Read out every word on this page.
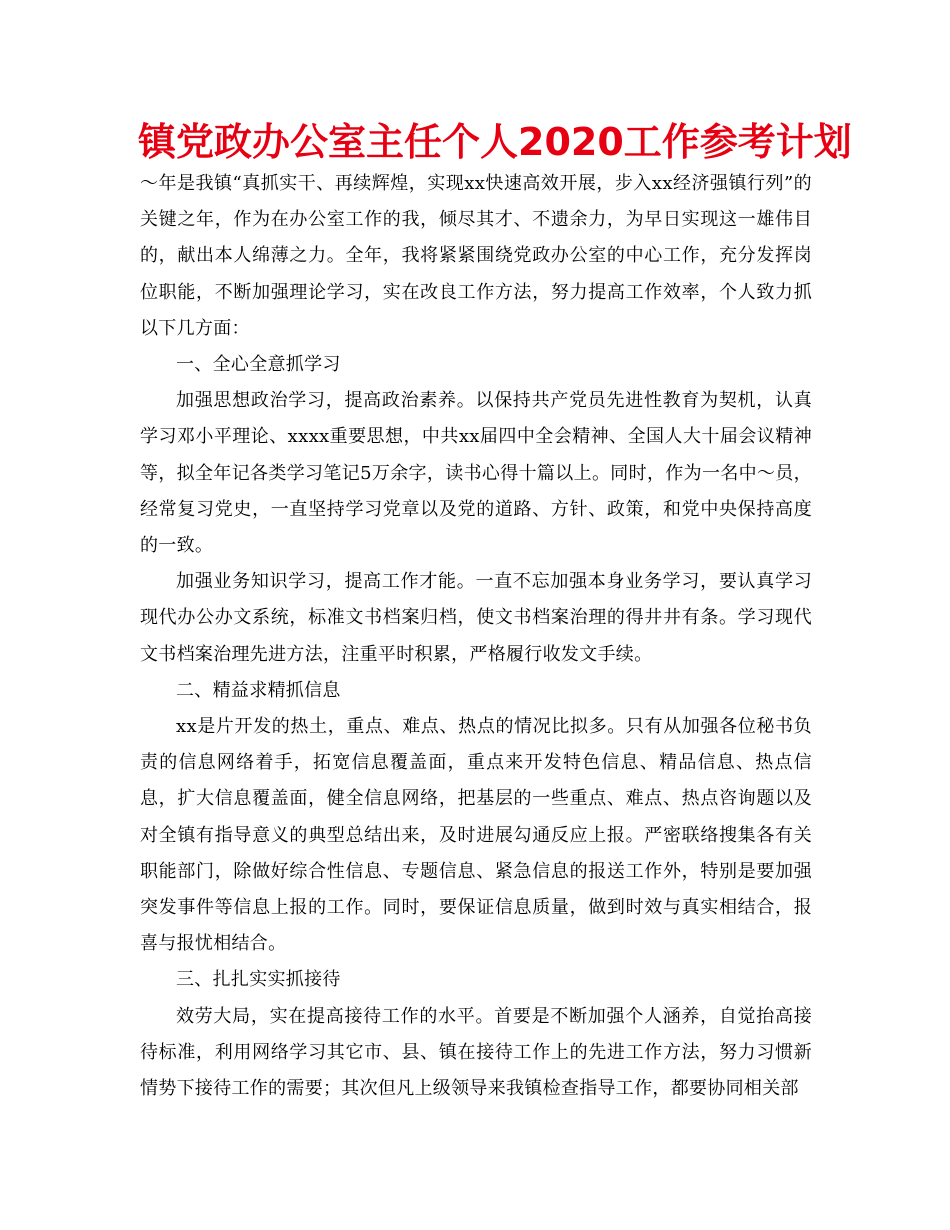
镇党政办公室主任个人2020工作参考计划

～年是我镇“真抓实干、再续辉煌，实现xx快速高效开展，步入xx经济强镇行列”的关键之年，作为在办公室工作的我，倾尽其才、不遗余力，为早日实现这一雄伟目的，献出本人绵薄之力。全年，我将紧紧围绕党政办公室的中心工作，充分发挥岗位职能，不断加强理论学习，实在改良工作方法，努力提高工作效率，个人致力抓以下几方面：

一、全心全意抓学习

加强思想政治学习，提高政治素养。以保持共产党员先进性教育为契机，认真学习邓小平理论、xxxx重要思想，中共xx届四中全会精神、全国人大十届会议精神等，拟全年记各类学习笔记5万余字，读书心得十篇以上。同时，作为一名中～员，经常复习党史，一直坚持学习党章以及党的道路、方针、政策，和党中央保持高度的一致。

加强业务知识学习，提高工作才能。一直不忘加强本身业务学习，要认真学习现代办公办文系统，标准文书档案归档，使文书档案治理的得井井有条。学习现代文书档案治理先进方法，注重平时积累，严格履行收发文手续。

二、精益求精抓信息

xx是片开发的热土，重点、难点、热点的情况比拟多。只有从加强各位秘书负责的信息网络着手，拓宽信息覆盖面，重点来开发特色信息、精品信息、热点信息，扩大信息覆盖面，健全信息网络，把基层的一些重点、难点、热点咨询题以及对全镇有指导意义的典型总结出来，及时进展勾通反应上报。严密联络搜集各有关职能部门，除做好综合性信息、专题信息、紧急信息的报送工作外，特别是要加强突发事件等信息上报的工作。同时，要保证信息质量，做到时效与真实相结合，报喜与报忧相结合。

三、扎扎实实抓接待

效劳大局，实在提高接待工作的水平。首要是不断加强个人涵养，自觉抬高接待标准，利用网络学习其它市、县、镇在接待工作上的先进工作方法，努力习惯新情势下接待工作的需要；其次但凡上级领导来我镇检查指导工作，都要协同相关部
